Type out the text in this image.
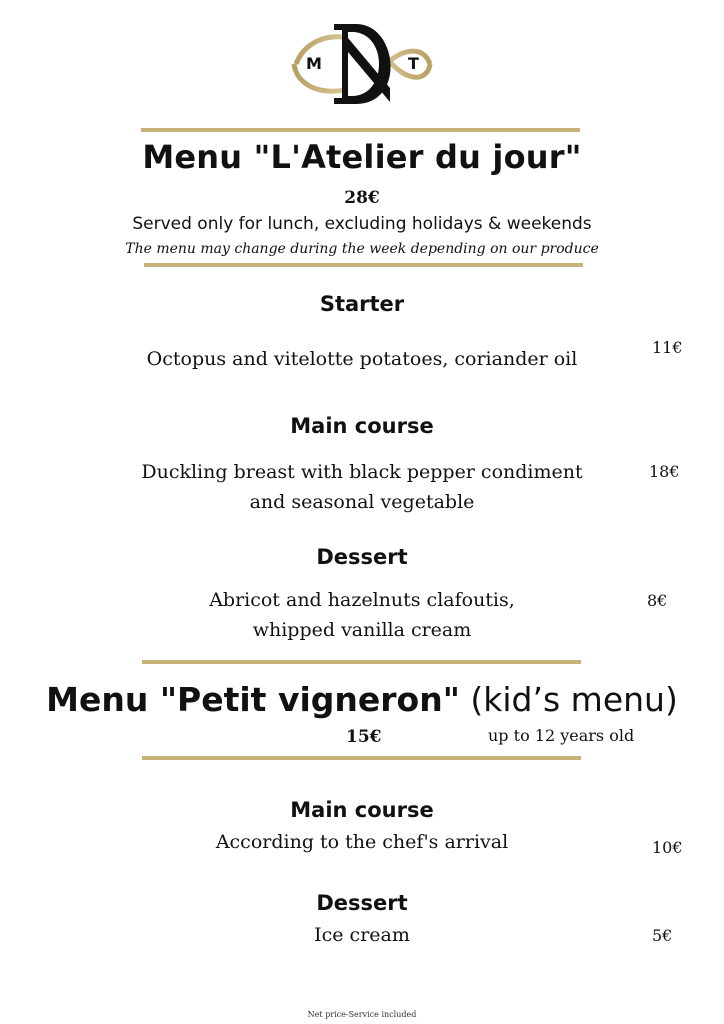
M	T
Menu "L'Atelier du jour"
28€
Served only for lunch, excluding holidays & weekends
The menu may change during the week depending on our produce
Starter
Octopus and vitelotte potatoes, coriander oil
11€
Main course
Duckling breast with black pepper condiment
and seasonal vegetable
18€
Dessert
Abricot and hazelnuts clafoutis,
whipped vanilla cream
8€
Menu "Petit vigneron" (kid’s menu)
15€	up to 12 years old
Main course
According to the chef's arrival	10€
Dessert
Ice cream	5€
Net price-Service included
